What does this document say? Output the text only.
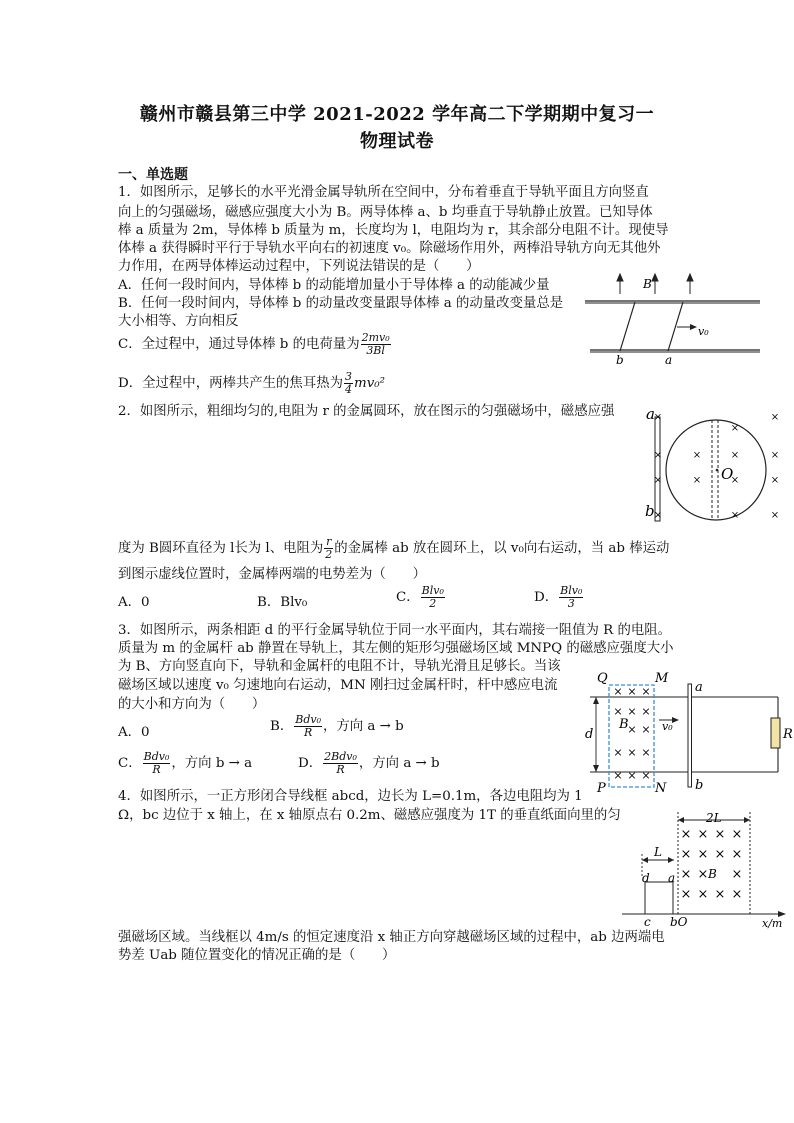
赣州市赣县第三中学 2021-2022 学年高二下学期期中复习一
物理试卷
一、单选题
1．如图所示，足够长的水平光滑金属导轨所在空间中，分布着垂直于导轨平面且方向竖直
向上的匀强磁场，磁感应强度大小为 B。两导体棒 a、b 均垂直于导轨静止放置。已知导体
棒 a 质量为 2m，导体棒 b 质量为 m，长度均为 l，电阻均为 r，其余部分电阻不计。现使导
体棒 a 获得瞬时平行于导轨水平向右的初速度 v₀。除磁场作用外，两棒沿导轨方向无其他外
力作用，在两导体棒运动过程中，下列说法错误的是（　　）
A．任何一段时间内，导体棒 b 的动能增加量小于导体棒 a 的动能减少量
B．任何一段时间内，导体棒 b 的动量改变量跟导体棒 a 的动量改变量总是
大小相等、方向相反
C．全过程中，通过导体棒 b 的电荷量为 $\frac{\text{2mv₀}}{3Bl}$
D．全过程中，两棒共产生的焦耳热为 $\frac{3}{4} mv_0^2$
B
v₀
b	a
2．如图所示，粗细均匀的,电阻为 r 的金属圆环，放在图示的匀强磁场中，磁感应强	×	×
×	×	×
×	×	×
×	×
×
×
×
×
a
b
O
度为 B圆环直径为 l长为 l、电阻为 $\frac{r}{2}$ 的金属棒 ab 放在圆环上，以 v₀向右运动，当 ab 棒运动
到图示虚线位置时，金属棒两端的电势差为（　　）
A．0	B．Blv₀	C． $\frac{\text{Blv₀}}{2}$	D． $\frac{\text{Blv₀}}{3}$
3．如图所示，两条相距 d 的平行金属导轨位于同一水平面内，其右端接一阻值为 R 的电阻。
质量为 m 的金属杆 ab 静置在导轨上，其左侧的矩形匀强磁场区域 MNPQ 的磁感应强度大小
为 B、方向竖直向下，导轨和金属杆的电阻不计，导轨光滑且足够长。当该
磁场区域以速度 v₀ 匀速地向右运动，MN 刚扫过金属杆时，杆中感应电流
的大小和方向为（　　）
A．0	B． $\frac{\text{Bdv₀}}{R}$ ，方向 a → b
C． $\frac{\text{Bdv₀}}{R}$ ，方向 b → a	D． $\frac{\text{2Bdv₀}}{R}$ ，方向 a → b
× × ×
× × ×
× ×
× × ×
× × ×
Q	M
P	N
a
b
B
d
v₀
R
4．如图所示，一正方形闭合导线框 abcd，边长为 L=0.1m，各边电阻均为 1
Ω，bc 边位于 x 轴上，在 x 轴原点右 0.2m、磁感应强度为 1T 的垂直纸面向里的匀
× × × ×
× × × ×
× × ×
× × × ×
2L
L
d a
c bO
B
x/m
强磁场区域。当线框以 4m/s 的恒定速度沿 x 轴正方向穿越磁场区域的过程中，ab 边两端电
势差 Uab 随位置变化的情况正确的是（　　）
